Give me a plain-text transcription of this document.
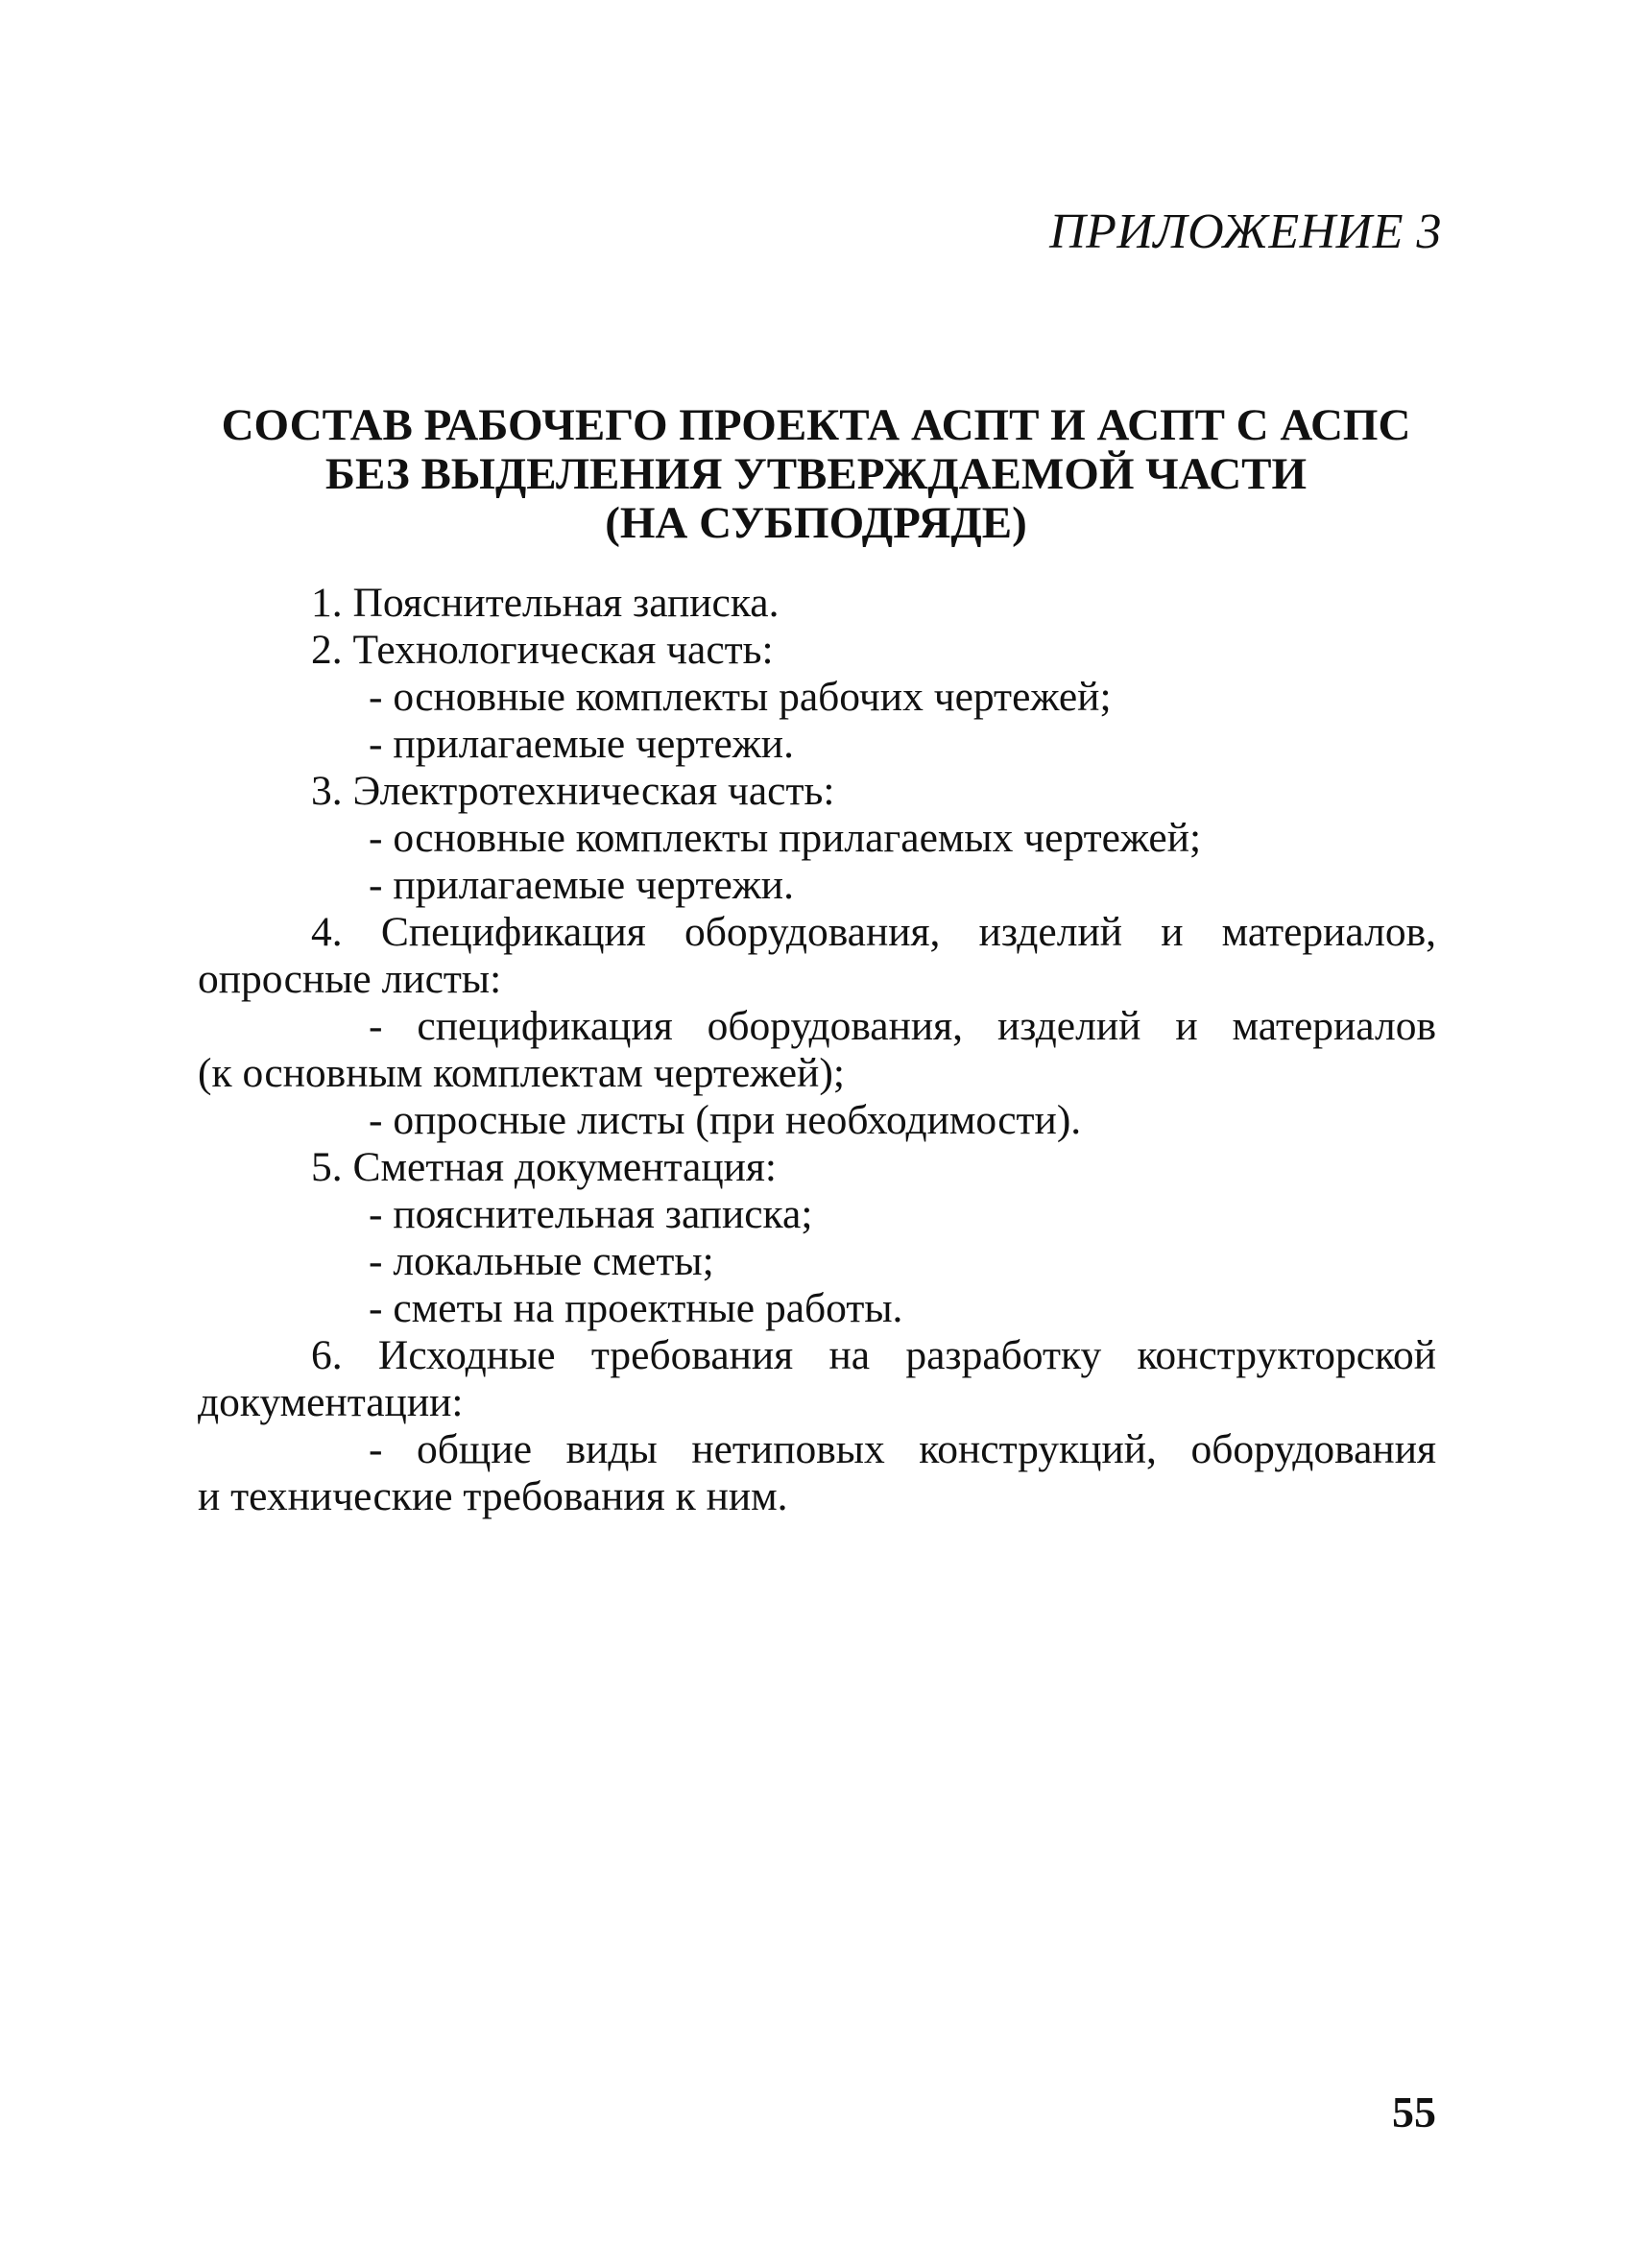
ПРИЛОЖЕНИЕ 3
СОСТАВ РАБОЧЕГО ПРОЕКТА АСПТ И АСПТ С АСПС
БЕЗ ВЫДЕЛЕНИЯ УТВЕРЖДАЕМОЙ ЧАСТИ
(НА СУБПОДРЯДЕ)
1. Пояснительная записка.
2. Технологическая часть:
- основные комплекты рабочих чертежей;
- прилагаемые чертежи.
3. Электротехническая часть:
- основные комплекты прилагаемых чертежей;
- прилагаемые чертежи.
4. Спецификация оборудования, изделий и материалов,
опросные листы:
- спецификация оборудования, изделий и материалов
(к основным комплектам чертежей);
- опросные листы (при необходимости).
5. Сметная документация:
- пояснительная записка;
- локальные сметы;
- сметы на проектные работы.
6. Исходные требования на разработку конструкторской
документации:
- общие виды нетиповых конструкций, оборудования
и технические требования к ним.
55
